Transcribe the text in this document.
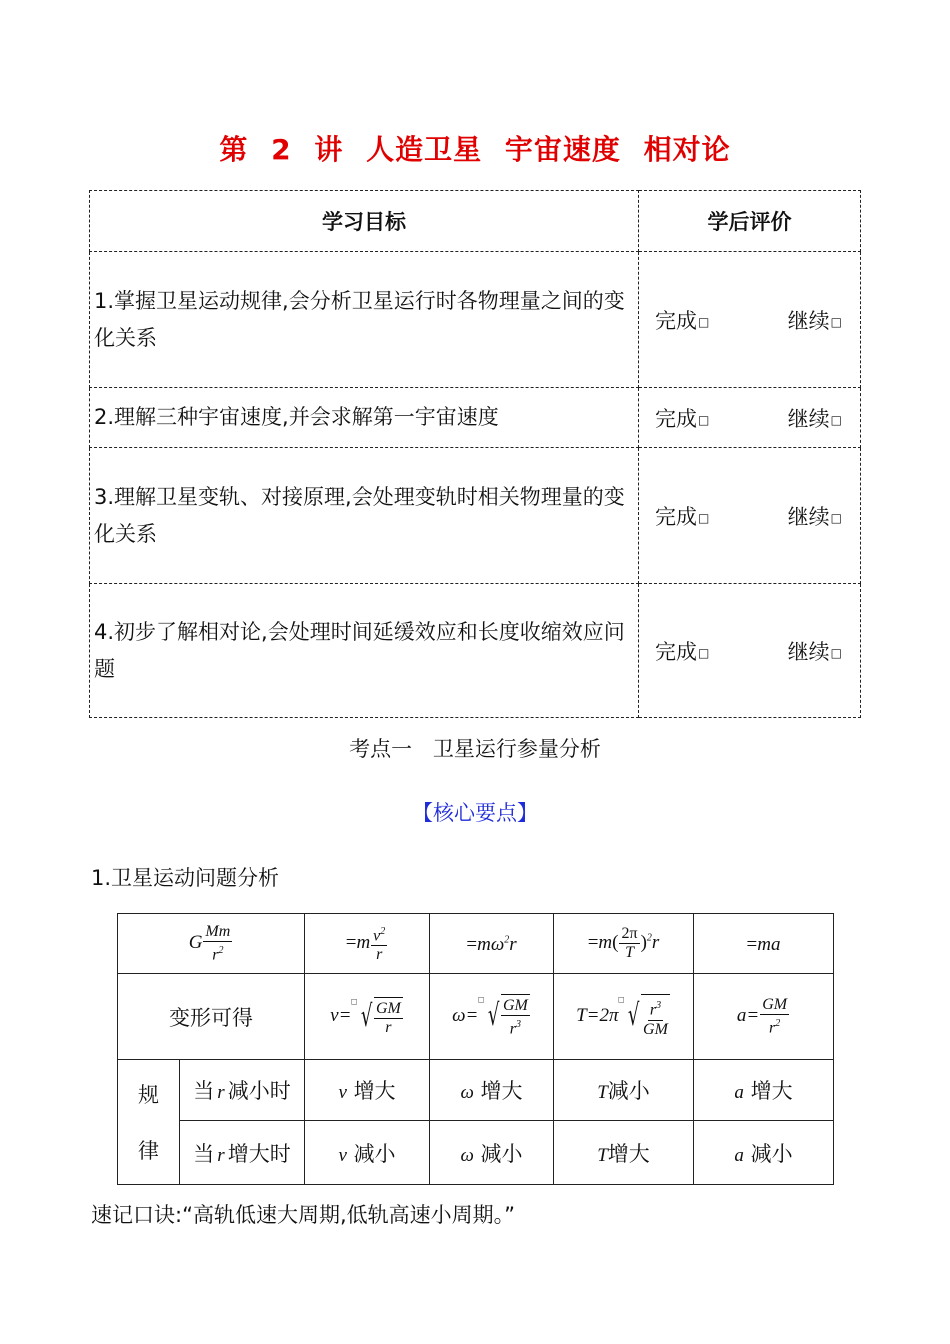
第 2 讲 人造卫星 宇宙速度 相对论
学习目标	学后评价

1.掌握卫星运动规律,会分析卫星运行时各物理量之间的变化关系	完成□ 继续□

2.理解三种宇宙速度,并会求解第一宇宙速度	完成□ 继续□

3.理解卫星变轨、对接原理,会处理变轨时相关物理量的变化关系	完成□ 继续□

4.初步了解相对论,会处理时间延缓效应和长度收缩效应问题	完成□ 继续□
考点一 卫星运行参量分析
【核心要点】
1.卫星运动问题分析
G $\frac{Mm}{r^2}$		$=m \frac{v^2}{r}$	$=m\omega^2r$	$=m( \frac{2\pi}{T} )^2r$	=ma
变形可得		v=□ √ $\frac{GM}{r}$	ω=□ √ $\frac{GM}{r^3}$	T=2π□ √ $\frac{r^3}{GM}$	$a= \frac{GM}{r^2}$

规
律	当 r 减小时	v 增大	ω 增大	T减小	a 增大
	当 r 增大时	v 减小	ω 减小	T增大	a 减小
速记口诀:“高轨低速大周期,低轨高速小周期。”
